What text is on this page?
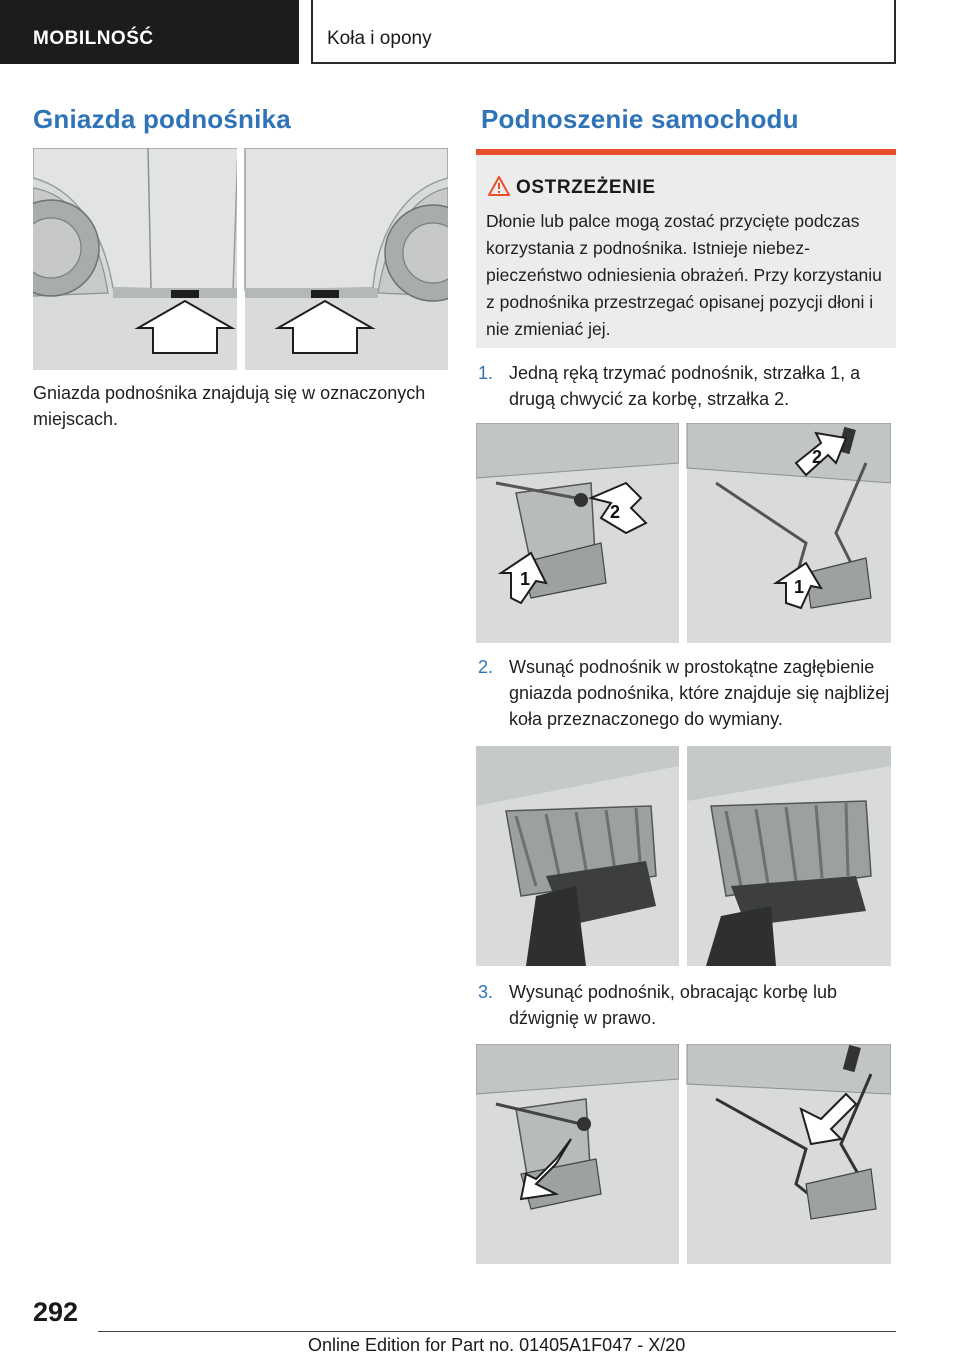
MOBILNOŚĆ	Koła i opony
Gniazda podnośnika
Gniazda podnośnika znajdują się w oznaczonych miejscach.
Podnoszenie samochodu
OSTRZEŻENIE
Dłonie lub palce mogą zostać przycięte podczas korzystania z podnośnika. Istnieje niebezpieczeństwo odniesienia obrażeń. Przy korzystaniu z podnośnika przestrzegać opisanej pozycji dłoni i nie zmieniać jej.
1. Jedną ręką trzymać podnośnik, strzałka 1, a drugą chwycić za korbę, strzałka 2.
1
2
2
1
2. Wsunąć podnośnik w prostokątne zagłębienie gniazda podnośnika, które znajduje się najbliżej koła przeznaczonego do wymiany.
3. Wysunąć podnośnik, obracając korbę lub dźwignię w prawo.
292
Online Edition for Part no. 01405A1F047 - X/20
